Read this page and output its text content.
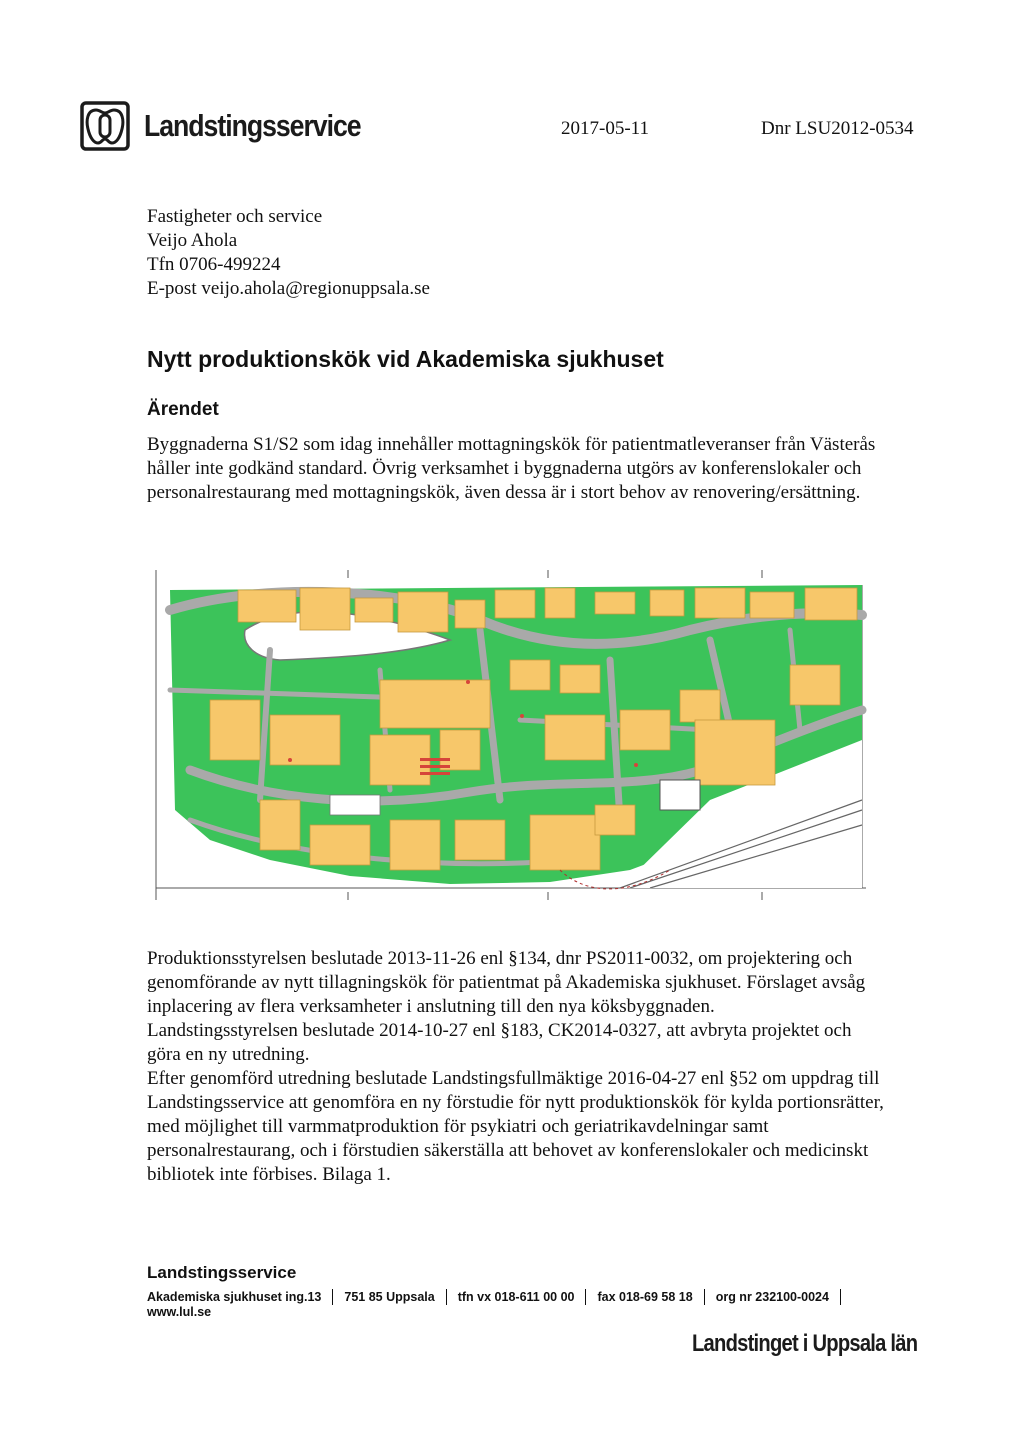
Landstingsservice	2017-05-11	Dnr LSU2012-0534
Fastigheter och service
Veijo Ahola
Tfn 0706-499224
E-post veijo.ahola@regionuppsala.se
Nytt produktionskök vid Akademiska sjukhuset
Ärendet

Byggnaderna S1/S2 som idag innehåller mottagningskök för patientmatleveranser från Västerås håller inte godkänd standard. Övrig verksamhet i byggnaderna utgörs av konferenslokaler och personalrestaurang med mottagningskök, även dessa är i stort behov av renovering/ersättning.

Produktionsstyrelsen beslutade 2013-11-26 enl §134, dnr PS2011-0032, om projektering och genomförande av nytt tillagningskök för patientmat på Akademiska sjukhuset. Förslaget avsåg inplacering av flera verksamheter i anslutning till den nya köksbyggnaden.
Landstingsstyrelsen beslutade 2014-10-27 enl §183, CK2014-0327, att avbryta projektet och göra en ny utredning.
Efter genomförd utredning beslutade Landstingsfullmäktige 2016-04-27 enl §52 om uppdrag till Landstingsservice att genomföra en ny förstudie för nytt produktionskök för kylda portionsrätter, med möjlighet till varmmatproduktion för psykiatri och geriatrikavdelningar samt personalrestaurang, och i förstudien säkerställa att behovet av konferenslokaler och medicinskt bibliotek inte förbises. Bilaga 1.
Landstingsservice
Akademiska sjukhuset ing.13 751 85 Uppsala tfn vx 018-611 00 00 fax 018-69 58 18 org nr 232100-0024
www.lul.se
Landstinget i Uppsala län
